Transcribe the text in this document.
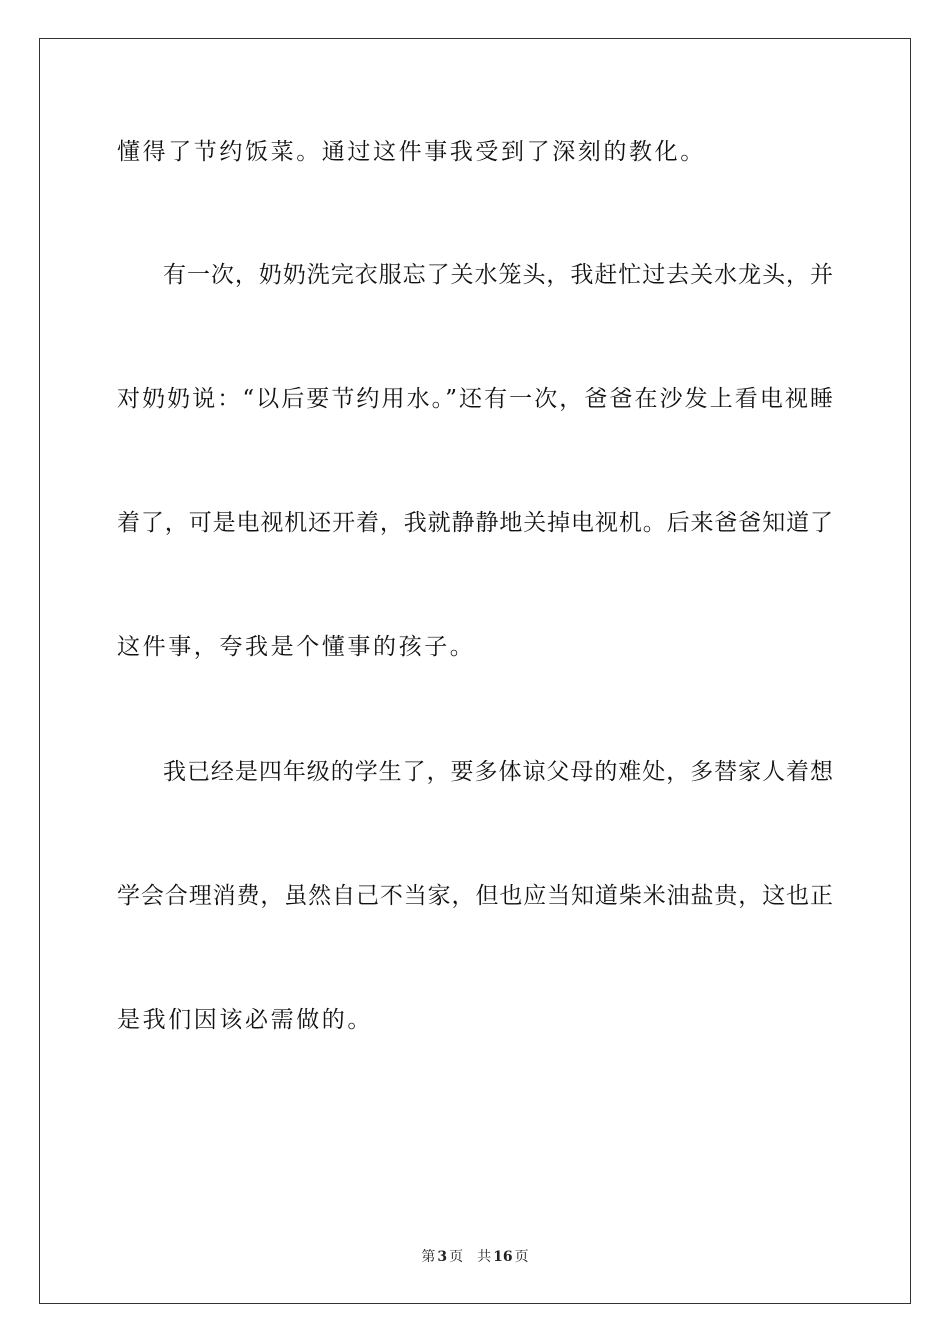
懂得了节约饭菜。通过这件事我受到了深刻的教化。
有一次，奶奶洗完衣服忘了关水笼头，我赶忙过去关水龙头，并
对奶奶说：“以后要节约用水。”还有一次，爸爸在沙发上看电视睡
着了，可是电视机还开着，我就静静地关掉电视机。后来爸爸知道了
这件事，夸我是个懂事的孩子。
我已经是四年级的学生了，要多体谅父母的难处，多替家人着想
学会合理消费，虽然自己不当家，但也应当知道柴米油盐贵，这也正
是我们因该必需做的。
第 3 页 共 16 页
